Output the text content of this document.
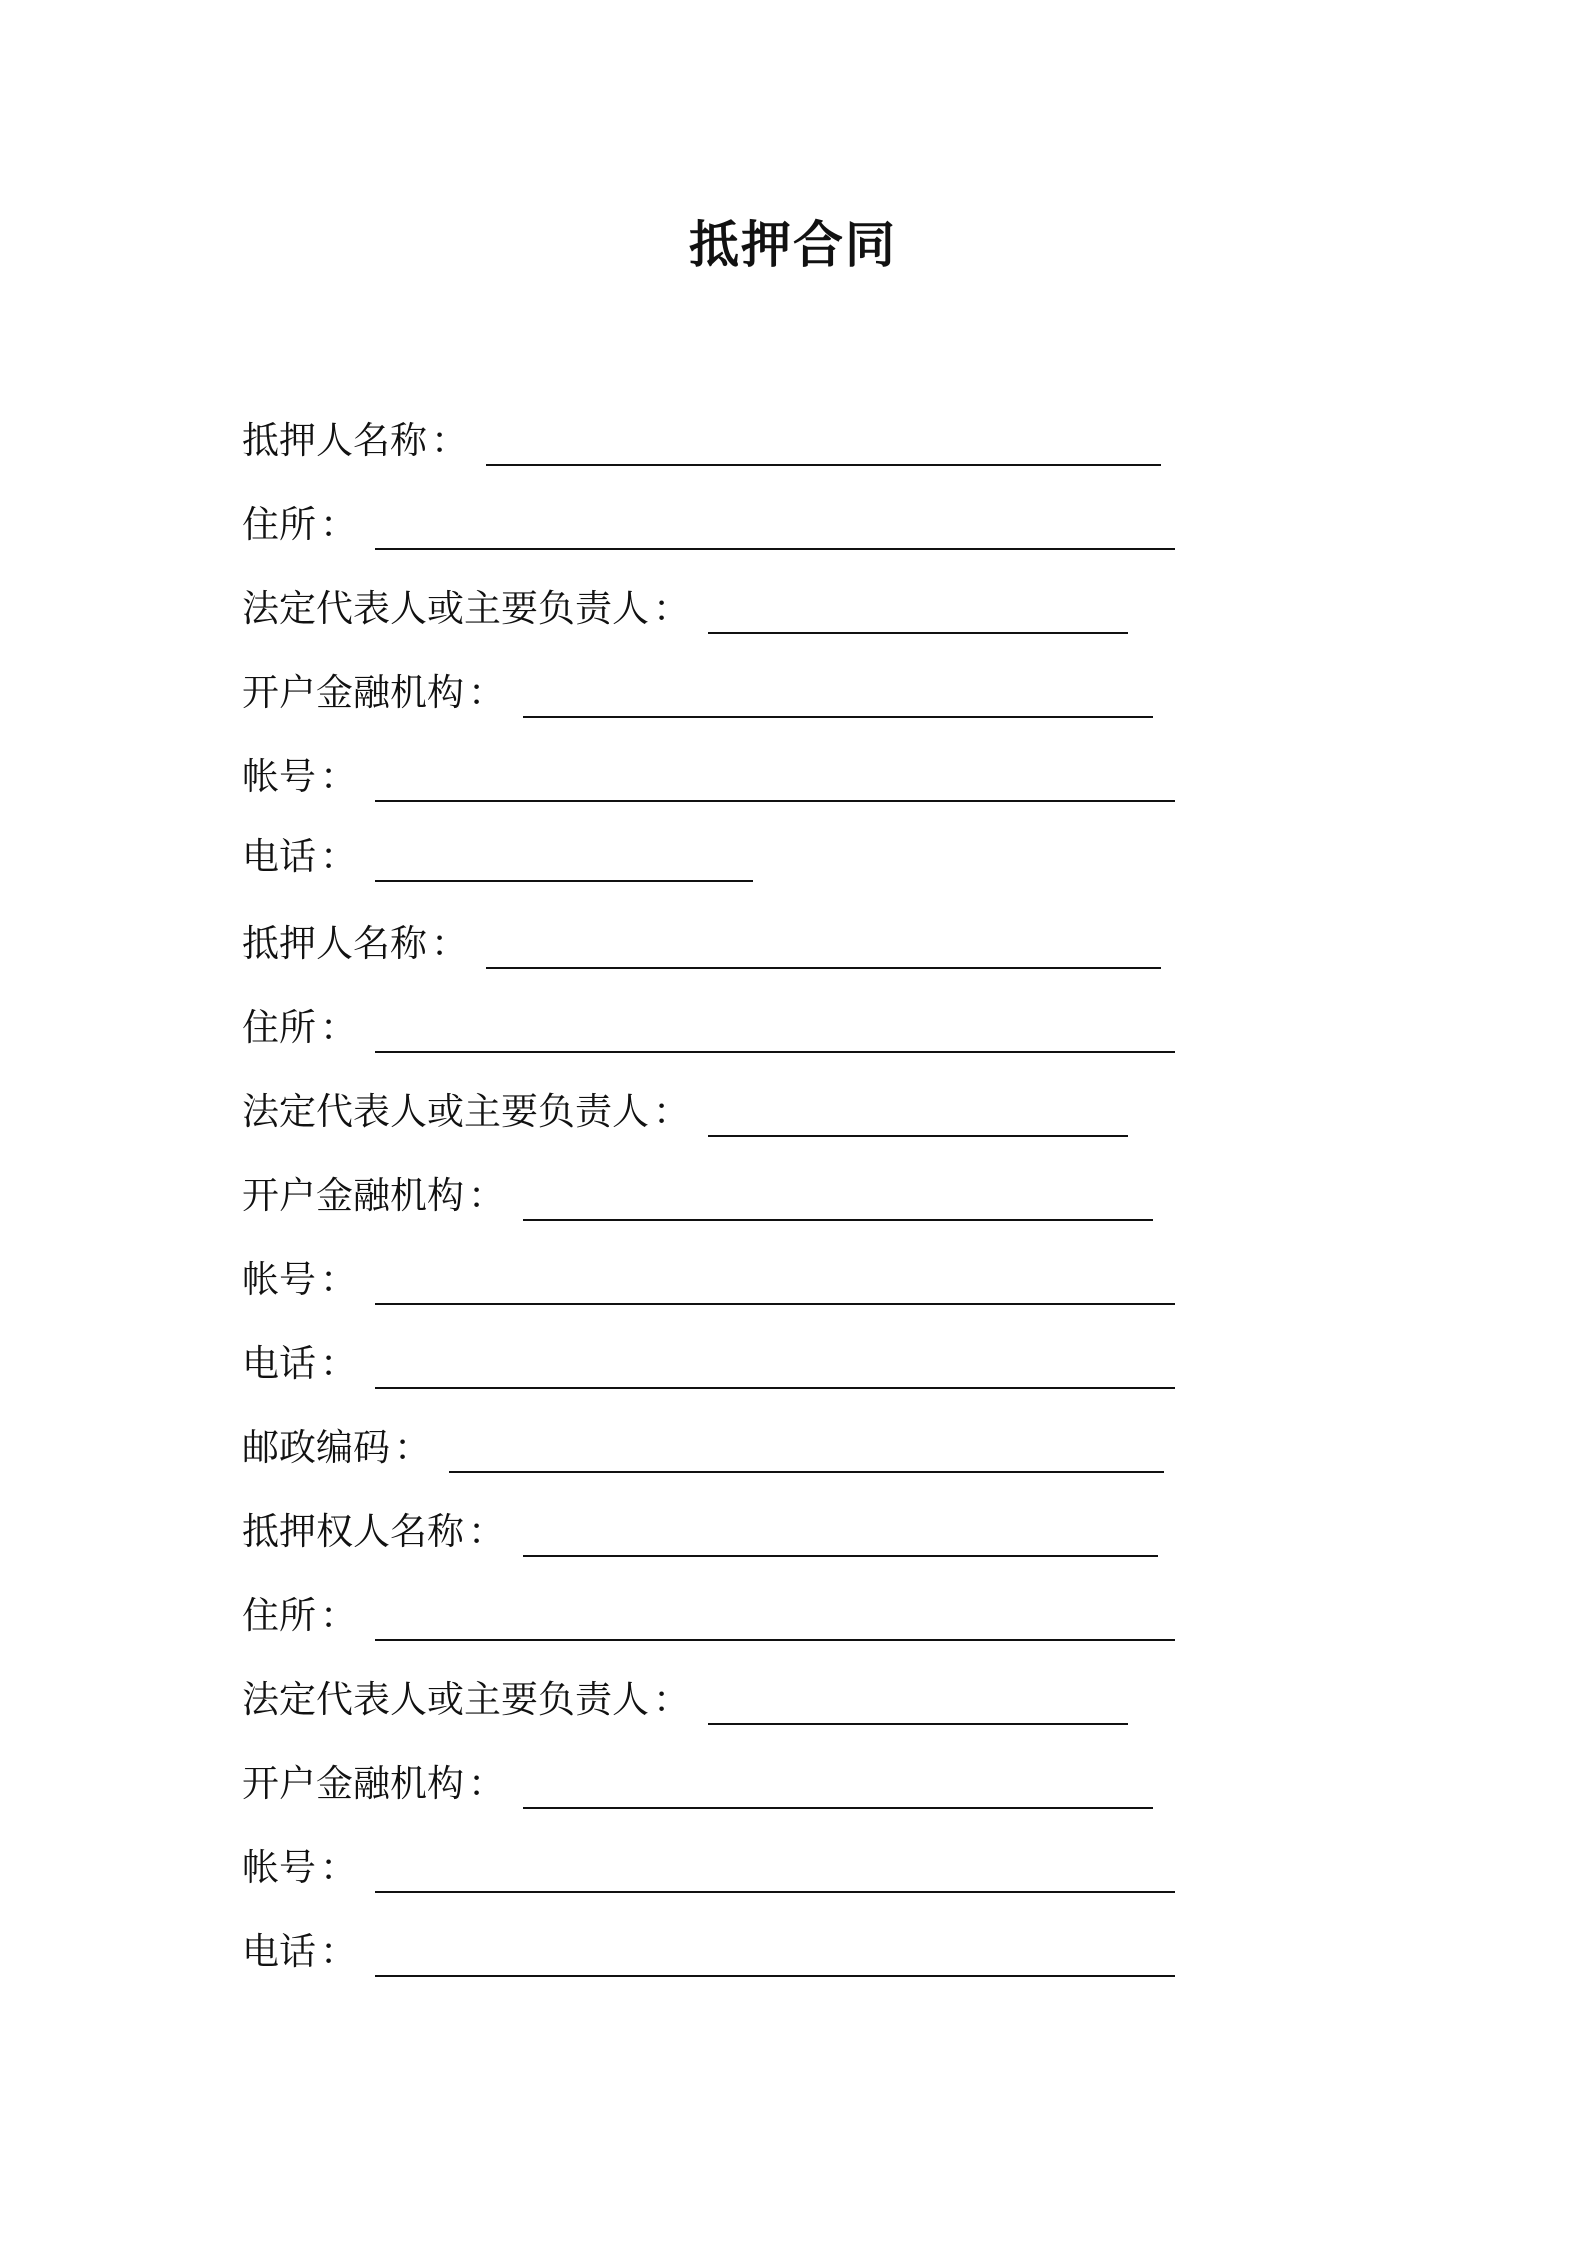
抵押合同
抵押人名称 ：
住所 ：
法定代表人或主要负责人 ：
开户金融机构 ：
帐号 ：
电话 ：
抵押人名称 ：
住所 ：
法定代表人或主要负责人 ：
开户金融机构 ：
帐号 ：
电话 ：
邮政编码 ：
抵押权人名称 ：
住所 ：
法定代表人或主要负责人 ：
开户金融机构 ：
帐号 ：
电话 ：
